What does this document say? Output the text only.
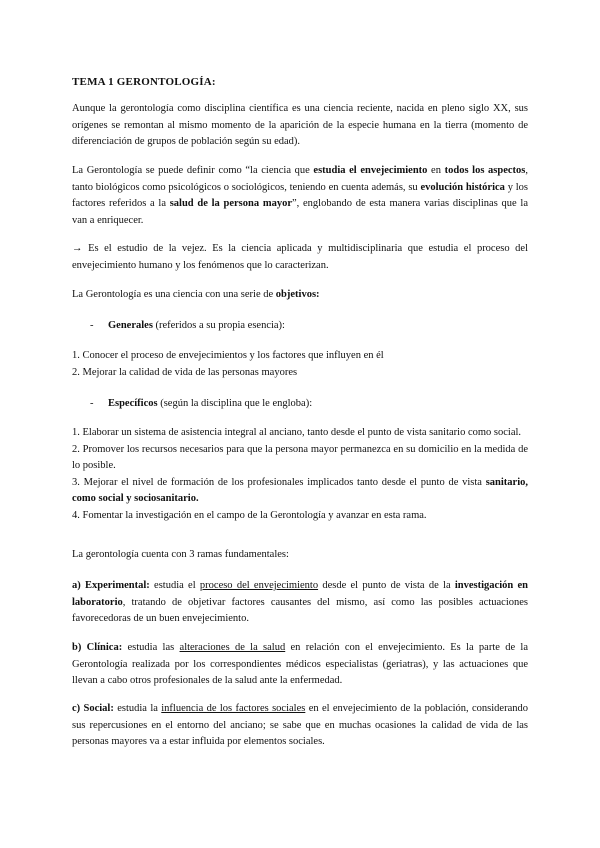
TEMA 1 GERONTOLOGÍA:

Aunque la gerontología como disciplina científica es una ciencia reciente, nacida en pleno siglo XX, sus orígenes se remontan al mismo momento de la aparición de la especie humana en la tierra (momento de diferenciación de grupos de población según su edad).

La Gerontología se puede definir como “la ciencia que estudia el envejecimiento en todos los aspectos, tanto biológicos como psicológicos o sociológicos, teniendo en cuenta además, su evolución histórica y los factores referidos a la salud de la persona mayor”, englobando de esta manera varias disciplinas que la van a enriquecer.

→ Es el estudio de la vejez. Es la ciencia aplicada y multidisciplinaria que estudia el proceso del envejecimiento humano y los fenómenos que lo caracterizan.

La Gerontología es una ciencia con una serie de objetivos:

- Generales (referidos a su propia esencia):
1. Conocer el proceso de envejecimientos y los factores que influyen en él
2. Mejorar la calidad de vida de las personas mayores
- Específicos (según la disciplina que le engloba):

1. Elaborar un sistema de asistencia integral al anciano, tanto desde el punto de vista sanitario como social.

2. Promover los recursos necesarios para que la persona mayor permanezca en su domicilio en la medida de lo posible.

3. Mejorar el nivel de formación de los profesionales implicados tanto desde el punto de vista sanitario, como social y sociosanitario.

4. Fomentar la investigación en el campo de la Gerontología y avanzar en esta rama.

La gerontología cuenta con 3 ramas fundamentales:

a) Experimental: estudia el proceso del envejecimiento desde el punto de vista de la investigación en laboratorio, tratando de objetivar factores causantes del mismo, así como las posibles actuaciones favorecedoras de un buen envejecimiento.

b) Clínica: estudia las alteraciones de la salud en relación con el envejecimiento. Es la parte de la Gerontología realizada por los correspondientes médicos especialistas (geriatras), y las actuaciones que llevan a cabo otros profesionales de la salud ante la enfermedad.

c) Social: estudia la influencia de los factores sociales en el envejecimiento de la población, considerando sus repercusiones en el entorno del anciano; se sabe que en muchas ocasiones la calidad de vida de las personas mayores va a estar influida por elementos sociales.
